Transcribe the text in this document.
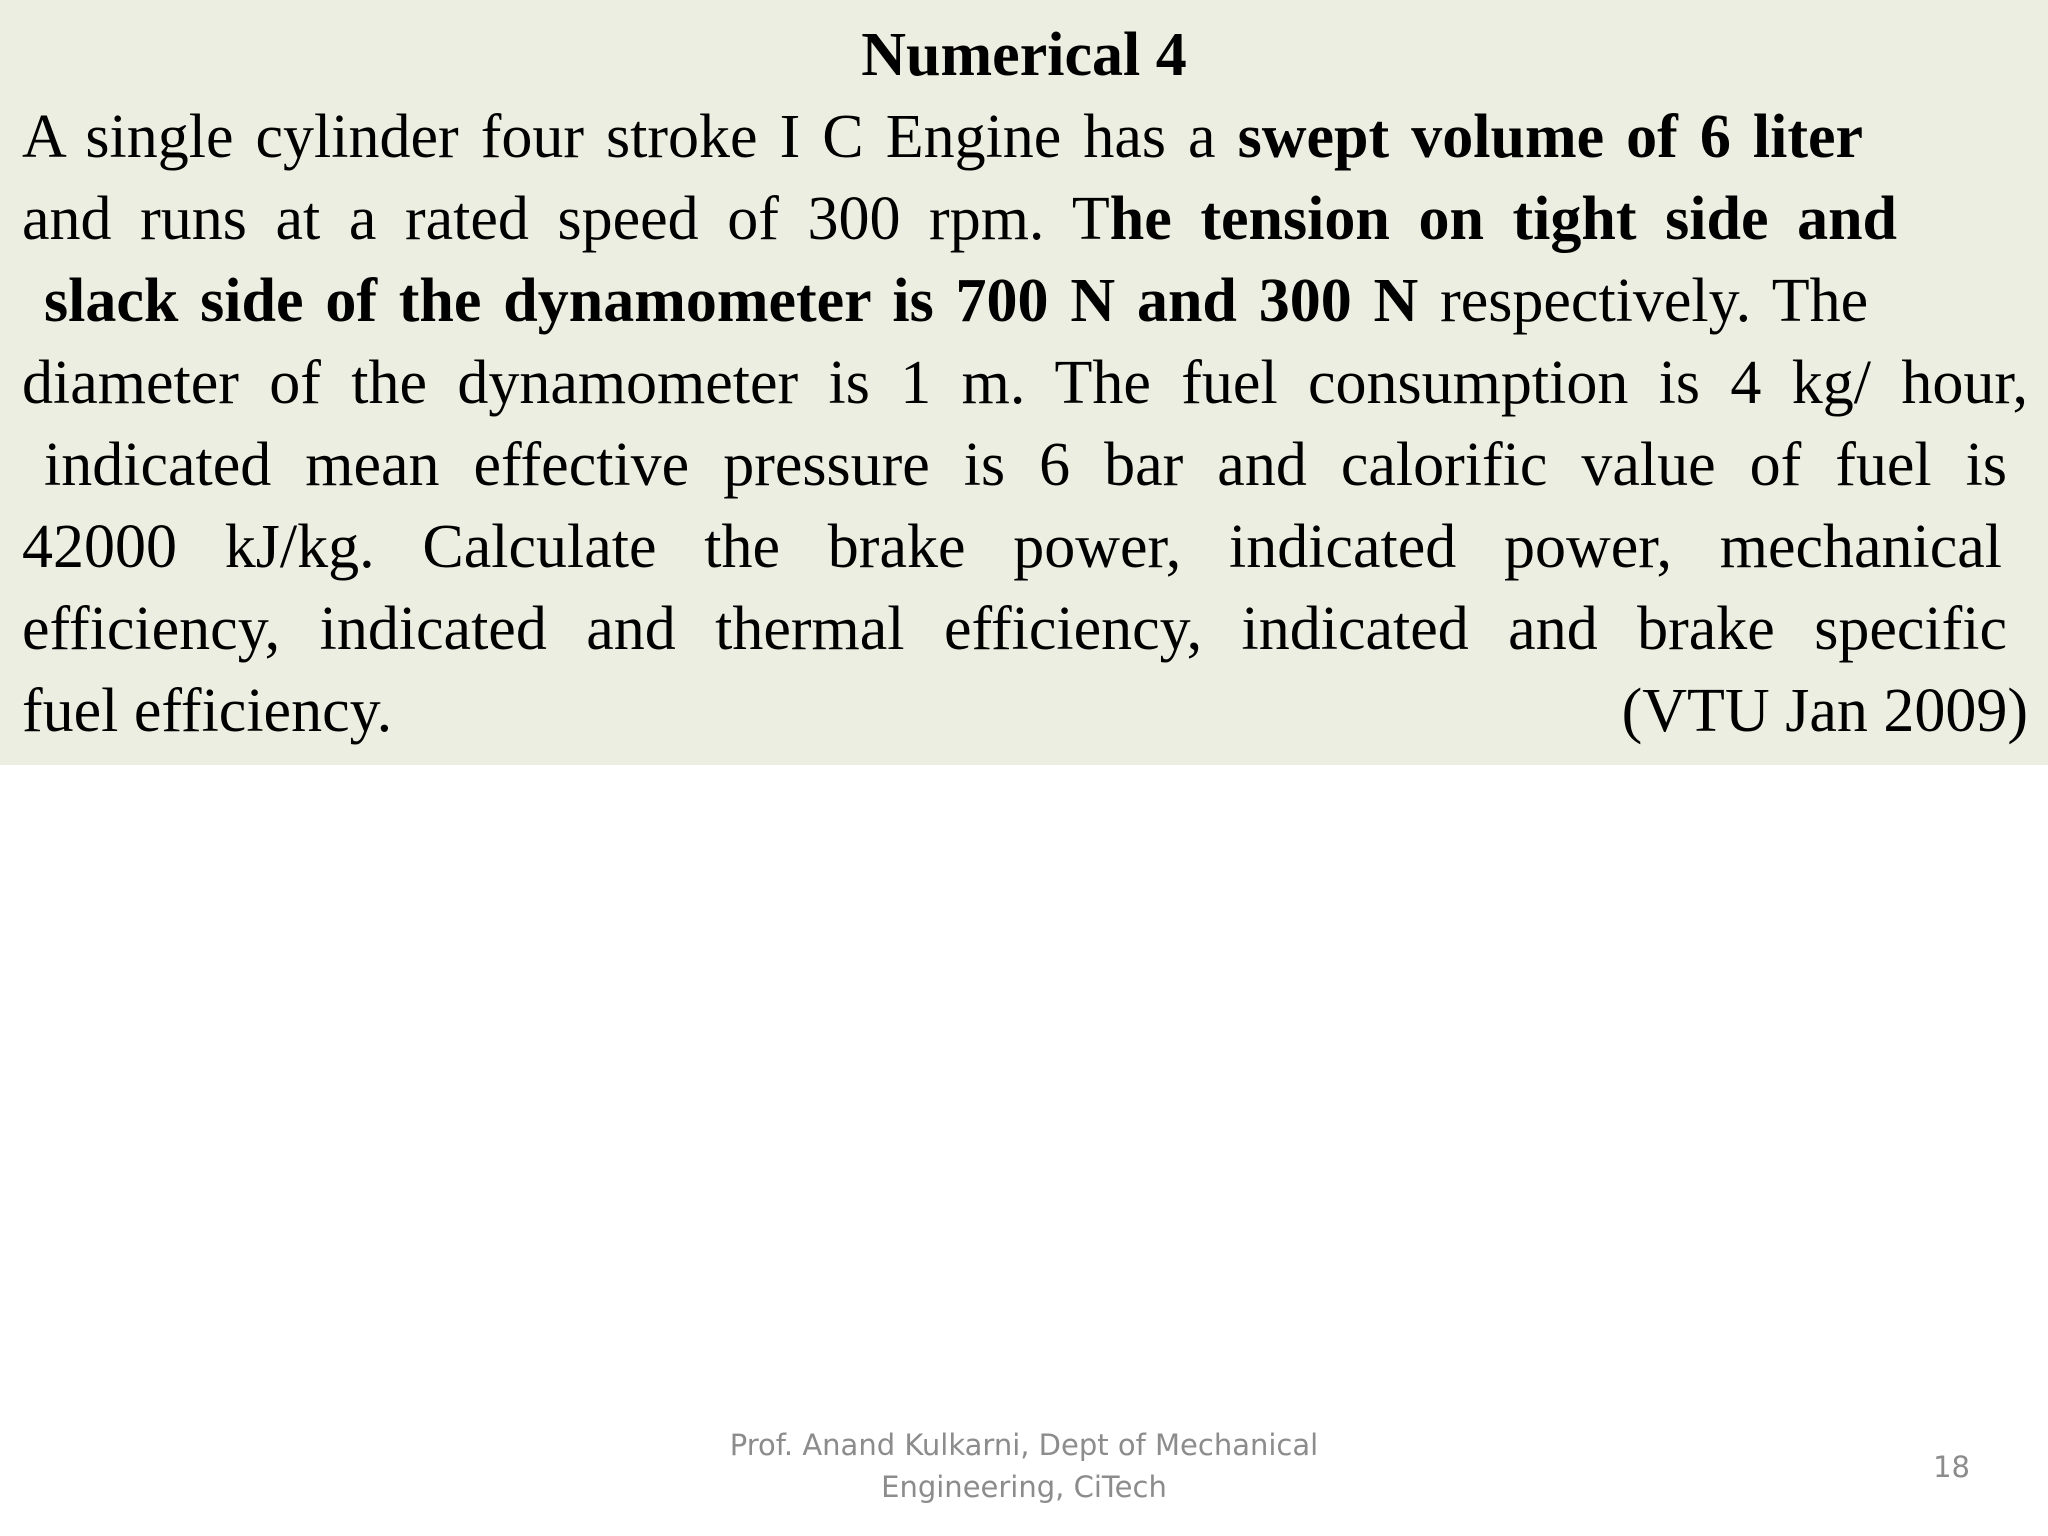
Numerical 4
A single cylinder four stroke I C Engine has a swept volume of 6 liter
and runs at a rated speed of 300 rpm. The tension on tight side and
slack side of the dynamometer is 700 N and 300 N respectively. The
diameter of the dynamometer is 1 m. The fuel consumption is 4 kg/ hour,
indicated mean effective pressure is 6 bar and calorific value of fuel is
42000 kJ/kg. Calculate the brake power, indicated power, mechanical
efficiency, indicated and thermal efficiency, indicated and brake specific
fuel efficiency.	(VTU Jan 2009)
Prof. Anand Kulkarni, Dept of Mechanical
Engineering, CiTech
18
